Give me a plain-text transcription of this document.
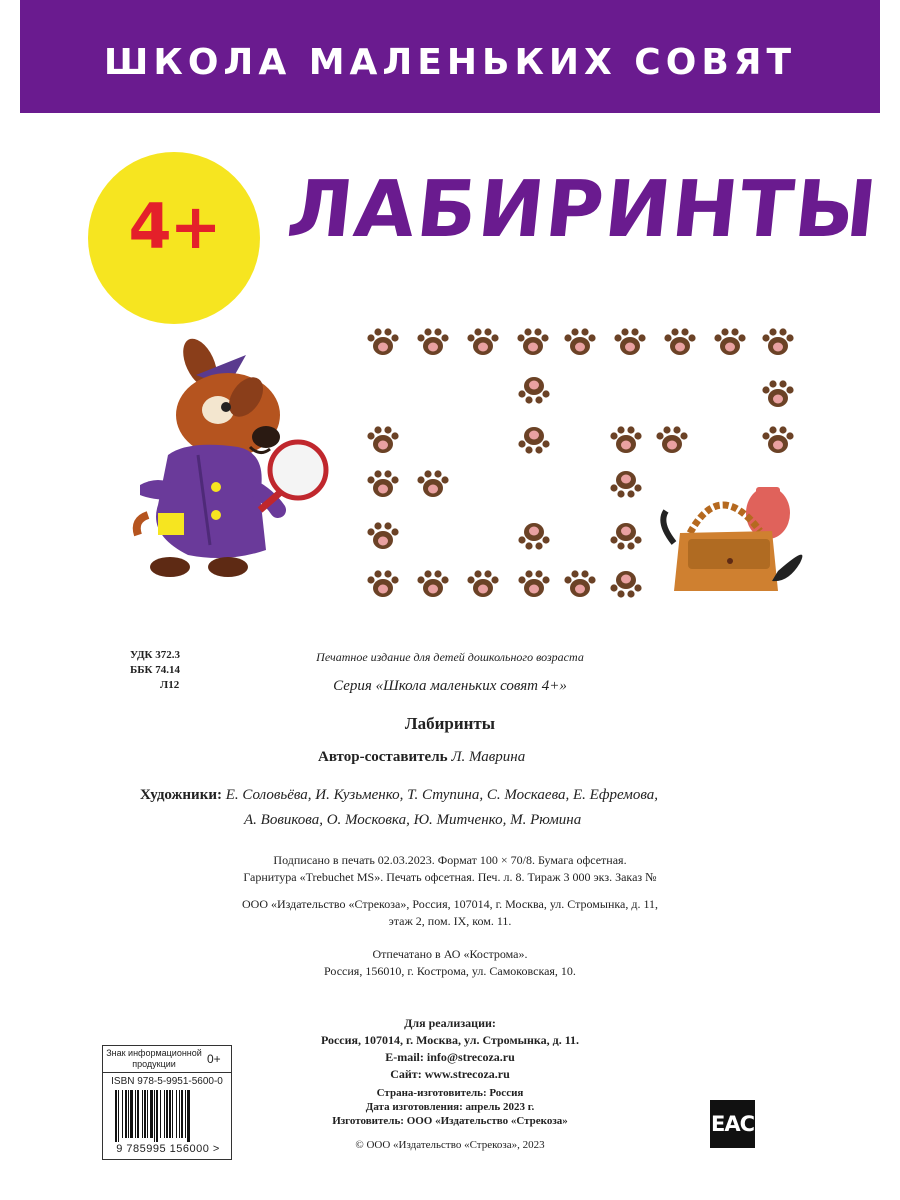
ШКОЛА МАЛЕНЬКИХ СОВЯТ
4+ ЛАБИРИНТЫ
УДК 372.3
ББК 74.14
Л12
Печатное издание для детей дошкольного возраста
Серия «Школа маленьких совят 4+»
Лабиринты
Автор-составитель Л. Маврина
Художники: Е. Соловьёва, И. Кузьменко, Т. Ступина, С. Москаева, Е. Ефремова,
А. Вовикова, О. Московка, Ю. Митченко, М. Рюмина
Подписано в печать 02.03.2023. Формат 100 × 70/8. Бумага офсетная.
Гарнитура «Trebuchet MS». Печать офсетная. Печ. л. 8. Тираж 3 000 экз. Заказ №
ООО «Издательство «Стрекоза», Россия, 107014, г. Москва, ул. Стромынка, д. 11,
этаж 2, пом. IX, ком. 11.
Отпечатано в АО «Кострома».
Россия, 156010, г. Кострома, ул. Самоковская, 10.
Для реализации:
Россия, 107014, г. Москва, ул. Стромынка, д. 11.
E-mail: info@strecoza.ru
Сайт: www.strecoza.ru
Страна-изготовитель: Россия
Дата изготовления: апрель 2023 г.
Изготовитель: ООО «Издательство «Стрекоза»
© ООО «Издательство «Стрекоза», 2023
Знак информационной продукции	0+
ISBN 978-5-9951-5600-0
9 785995 156000 >
EAC
